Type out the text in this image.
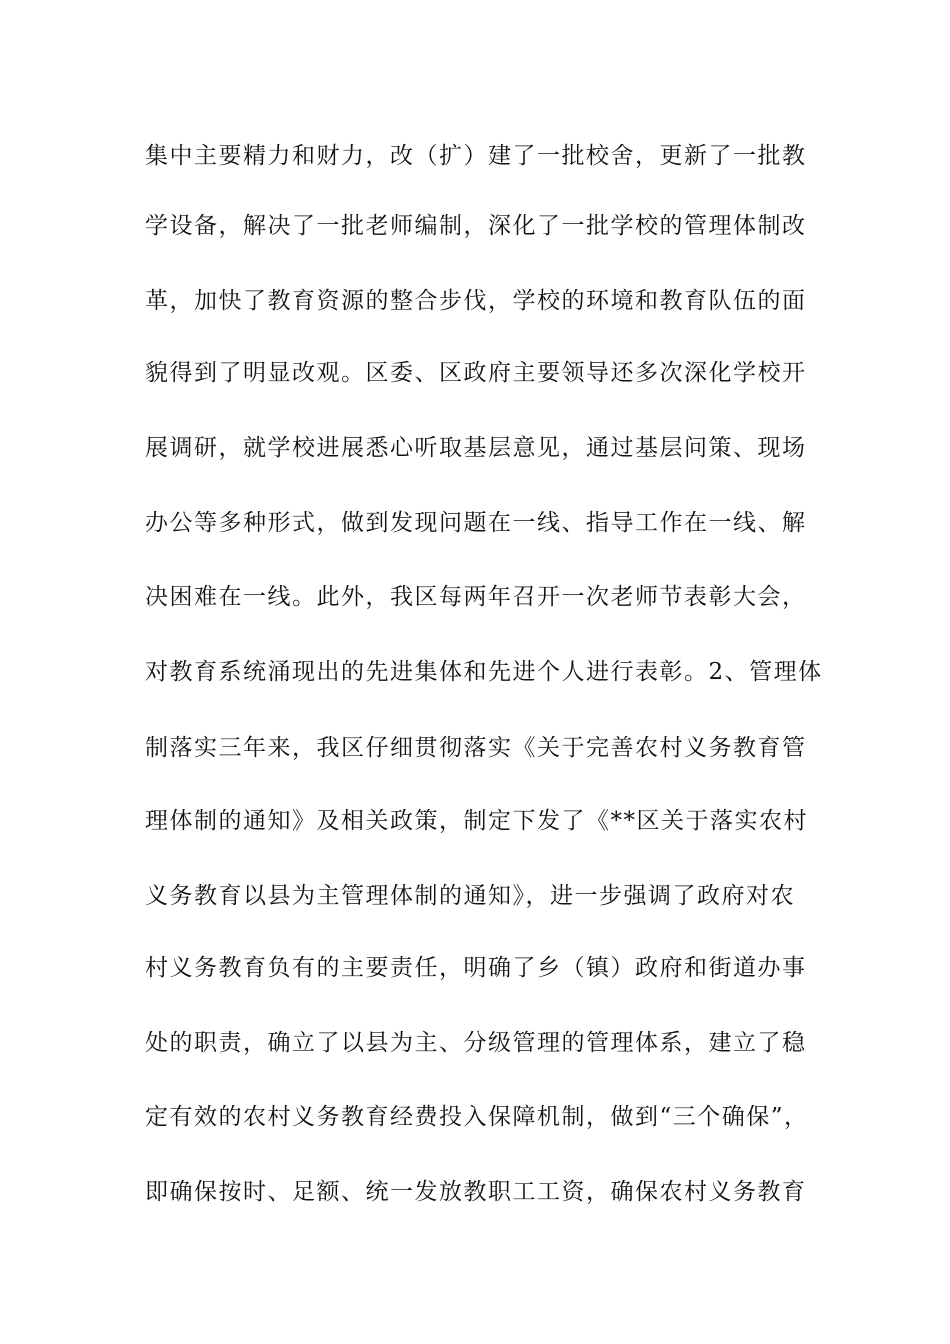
集中主要精力和财力，改（扩）建了一批校舍，更新了一批教
学设备，解决了一批老师编制，深化了一批学校的管理体制改
革，加快了教育资源的整合步伐，学校的环境和教育队伍的面
貌得到了明显改观。区委、区政府主要领导还多次深化学校开
展调研，就学校进展悉心听取基层意见，通过基层问策、现场
办公等多种形式，做到发现问题在一线、指导工作在一线、解
决困难在一线。此外，我区每两年召开一次老师节表彰大会，
对教育系统涌现出的先进集体和先进个人进行表彰。2、管理体
制落实三年来，我区仔细贯彻落实《关于完善农村义务教育管
理体制的通知》及相关政策，制定下发了《**区关于落实农村
义务教育以县为主管理体制的通知》，进一步强调了政府对农
村义务教育负有的主要责任，明确了乡（镇）政府和街道办事
处的职责，确立了以县为主、分级管理的管理体系，建立了稳
定有效的农村义务教育经费投入保障机制，做到“三个确保”，
即确保按时、足额、统一发放教职工工资，确保农村义务教育
